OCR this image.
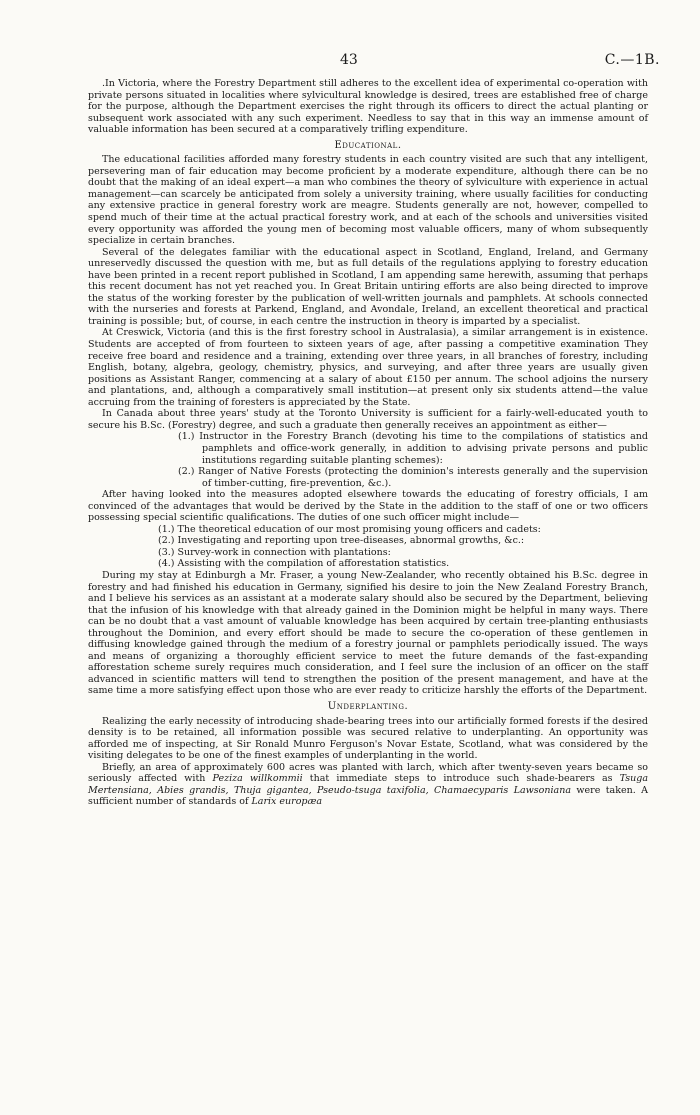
43	C.—1B.

.In Victoria, where the Forestry Department still adheres to the excellent idea of experimental co-operation with private persons situated in localities where sylvicultural knowledge is desired, trees are established free of charge for the purpose, although the Department exercises the right through its officers to direct the actual planting or subsequent work associated with any such experiment. Needless to say that in this way an immense amount of valuable information has been secured at a comparatively trifling expenditure.

Educational.

The educational facilities afforded many forestry students in each country visited are such that any intelligent, persevering man of fair education may become proficient by a moderate expenditure, although there can be no doubt that the making of an ideal expert—a man who combines the theory of sylviculture with experience in actual management—can scarcely be anticipated from solely a university training, where usually facilities for conducting any extensive practice in general forestry work are meagre. Students generally are not, however, compelled to spend much of their time at the actual practical forestry work, and at each of the schools and universities visited every opportunity was afforded the young men of becoming most valuable officers, many of whom subsequently specialize in certain branches.

Several of the delegates familiar with the educational aspect in Scotland, England, Ireland, and Germany unreservedly discussed the question with me, but as full details of the regulations applying to forestry education have been printed in a recent report published in Scotland, I am appending same herewith, assuming that perhaps this recent document has not yet reached you. In Great Britain untiring efforts are also being directed to improve the status of the working forester by the publication of well-written journals and pamphlets. At schools connected with the nurseries and forests at Parkend, England, and Avondale, Ireland, an excellent theoretical and practical training is possible; but, of course, in each centre the instruction in theory is imparted by a specialist.

At Creswick, Victoria (and this is the first forestry school in Australasia), a similar arrangement is in existence. Students are accepted of from fourteen to sixteen years of age, after passing a competitive examination They receive free board and residence and a training, extending over three years, in all branches of forestry, including English, botany, algebra, geology, chemistry, physics, and surveying, and after three years are usually given positions as Assistant Ranger, commencing at a salary of about £150 per annum. The school adjoins the nursery and plantations, and, although a comparatively small institution—at present only six students attend—the value accruing from the training of foresters is appreciated by the State.

In Canada about three years' study at the Toronto University is sufficient for a fairly-well-educated youth to secure his B.Sc. (Forestry) degree, and such a graduate then generally receives an appointment as either—

(1.) Instructor in the Forestry Branch (devoting his time to the compilations of statistics and pamphlets and office-work generally, in addition to advising private persons and public institutions regarding suitable planting schemes):
(2.) Ranger of Native Forests (protecting the dominion's interests generally and the supervision of timber-cutting, fire-prevention, &c.).

After having looked into the measures adopted elsewhere towards the educating of forestry officials, I am convinced of the advantages that would be derived by the State in the addition to the staff of one or two officers possessing special scientific qualifications. The duties of one such officer might include—

(1.) The theoretical education of our most promising young officers and cadets:
(2.) Investigating and reporting upon tree-diseases, abnormal growths, &c.:
(3.) Survey-work in connection with plantations:
(4.) Assisting with the compilation of afforestation statistics.

During my stay at Edinburgh a Mr. Fraser, a young New-Zealander, who recently obtained his B.Sc. degree in forestry and had finished his education in Germany, signified his desire to join the New Zealand Forestry Branch, and I believe his services as an assistant at a moderate salary should also be secured by the Department, believing that the infusion of his knowledge with that already gained in the Dominion might be helpful in many ways. There can be no doubt that a vast amount of valuable knowledge has been acquired by certain tree-planting enthusiasts throughout the Dominion, and every effort should be made to secure the co-operation of these gentlemen in diffusing knowledge gained through the medium of a forestry journal or pamphlets periodically issued. The ways and means of organizing a thoroughly efficient service to meet the future demands of the fast-expanding afforestation scheme surely requires much consideration, and I feel sure the inclusion of an officer on the staff advanced in scientific matters will tend to strengthen the position of the present management, and have at the same time a more satisfying effect upon those who are ever ready to criticize harshly the efforts of the Department.

Underplanting.

Realizing the early necessity of introducing shade-bearing trees into our artificially formed forests if the desired density is to be retained, all information possible was secured relative to underplanting. An opportunity was afforded me of inspecting, at Sir Ronald Munro Ferguson's Novar Estate, Scotland, what was considered by the visiting delegates to be one of the finest examples of underplanting in the world.

Briefly, an area of approximately 600 acres was planted with larch, which after twenty-seven years became so seriously affected with Peziza willkommii that immediate steps to introduce such shade-bearers as Tsuga Mertensiana, Abies grandis, Thuja gigantea, Pseudo-tsuga taxifolia, Chamaecyparis Lawsoniana were taken. A sufficient number of standards of Larix europæa
